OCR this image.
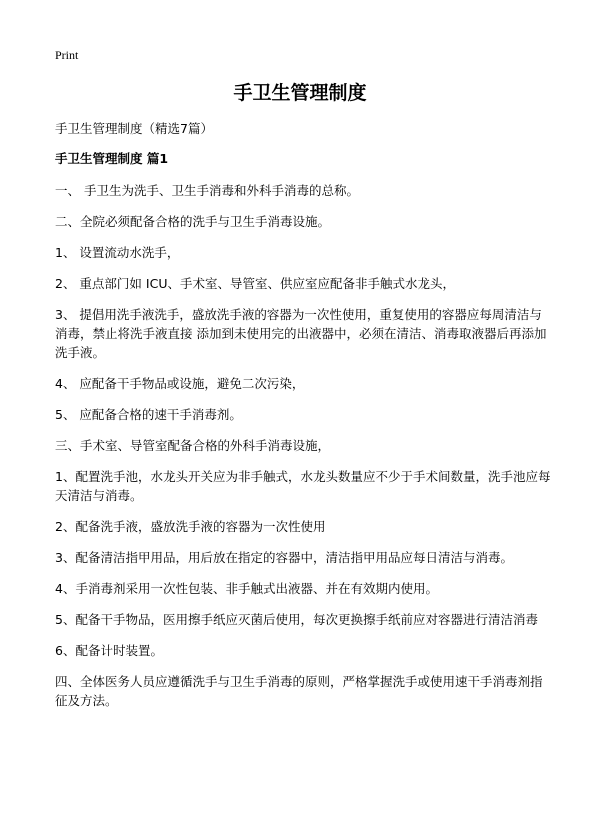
Print
手卫生管理制度
手卫生管理制度（精选7篇）
手卫生管理制度 篇1

一、 手卫生为洗手、卫生手消毒和外科手消毒的总称。

二、全院必须配备合格的洗手与卫生手消毒设施。

1、 设置流动水洗手，

2、 重点部门如 ICU、手术室、导管室、供应室应配备非手触式水龙头，

3、 提倡用洗手液洗手，盛放洗手液的容器为一次性使用，重复使用的容器应每周清洁与消毒，禁止将洗手液直接 添加到未使用完的出液器中，必须在清洁、消毒取液器后再添加洗手液。

4、 应配备干手物品或设施，避免二次污染，

5、 应配备合格的速干手消毒剂。

三、手术室、导管室配备合格的外科手消毒设施，

1、配置洗手池，水龙头开关应为非手触式，水龙头数量应不少于手术间数量，洗手池应每天清洁与消毒。

2、配备洗手液，盛放洗手液的容器为一次性使用

3、配备清洁指甲用品，用后放在指定的容器中，清洁指甲用品应每日清洁与消毒。

4、手消毒剂采用一次性包装、非手触式出液器、并在有效期内使用。

5、配备干手物品，医用擦手纸应灭菌后使用，每次更换擦手纸前应对容器进行清洁消毒

6、配备计时装置。

四、全体医务人员应遵循洗手与卫生手消毒的原则，严格掌握洗手或使用速干手消毒剂指征及方法。
